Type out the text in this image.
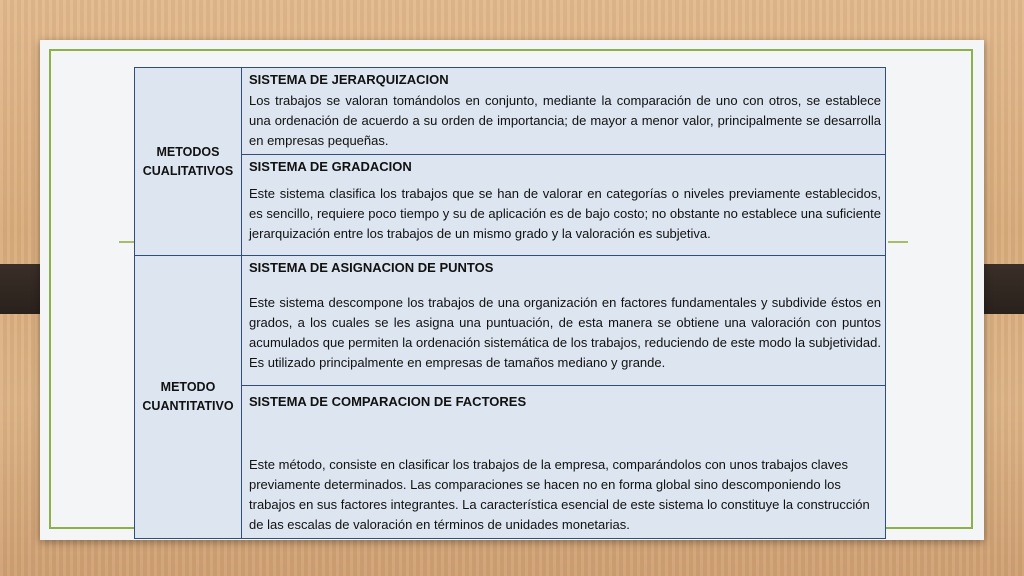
METODOS CUALITATIVOS	SISTEMA DE JERARQUIZACION
Los trabajos se valoran tomándolos en conjunto, mediante la comparación de uno con otros, se establece una ordenación de acuerdo a su orden de importancia; de mayor a menor valor, principalmente se desarrolla en empresas pequeñas.

	SISTEMA DE GRADACION
Este sistema clasifica los trabajos que se han de valorar en categorías o niveles previamente establecidos, es sencillo, requiere poco tiempo y su de aplicación es de bajo costo; no obstante no establece una suficiente jerarquización entre los trabajos de un mismo grado y la valoración es subjetiva.

METODO CUANTITATIVO	SISTEMA DE ASIGNACION DE PUNTOS
Este sistema descompone los trabajos de una organización en factores fundamentales y subdivide éstos en grados, a los cuales se les asigna una puntuación, de esta manera se obtiene una valoración con puntos acumulados que permiten la ordenación sistemática de los trabajos, reduciendo de este modo la subjetividad. Es utilizado principalmente en empresas de tamaños mediano y grande.

	SISTEMA DE COMPARACION DE FACTORES
Este método, consiste en clasificar los trabajos de la empresa, comparándolos con unos trabajos claves previamente determinados. Las comparaciones se hacen no en forma global sino descomponiendo los trabajos en sus factores integrantes. La característica esencial de este sistema lo constituye la construcción de las escalas de valoración en términos de unidades monetarias.
